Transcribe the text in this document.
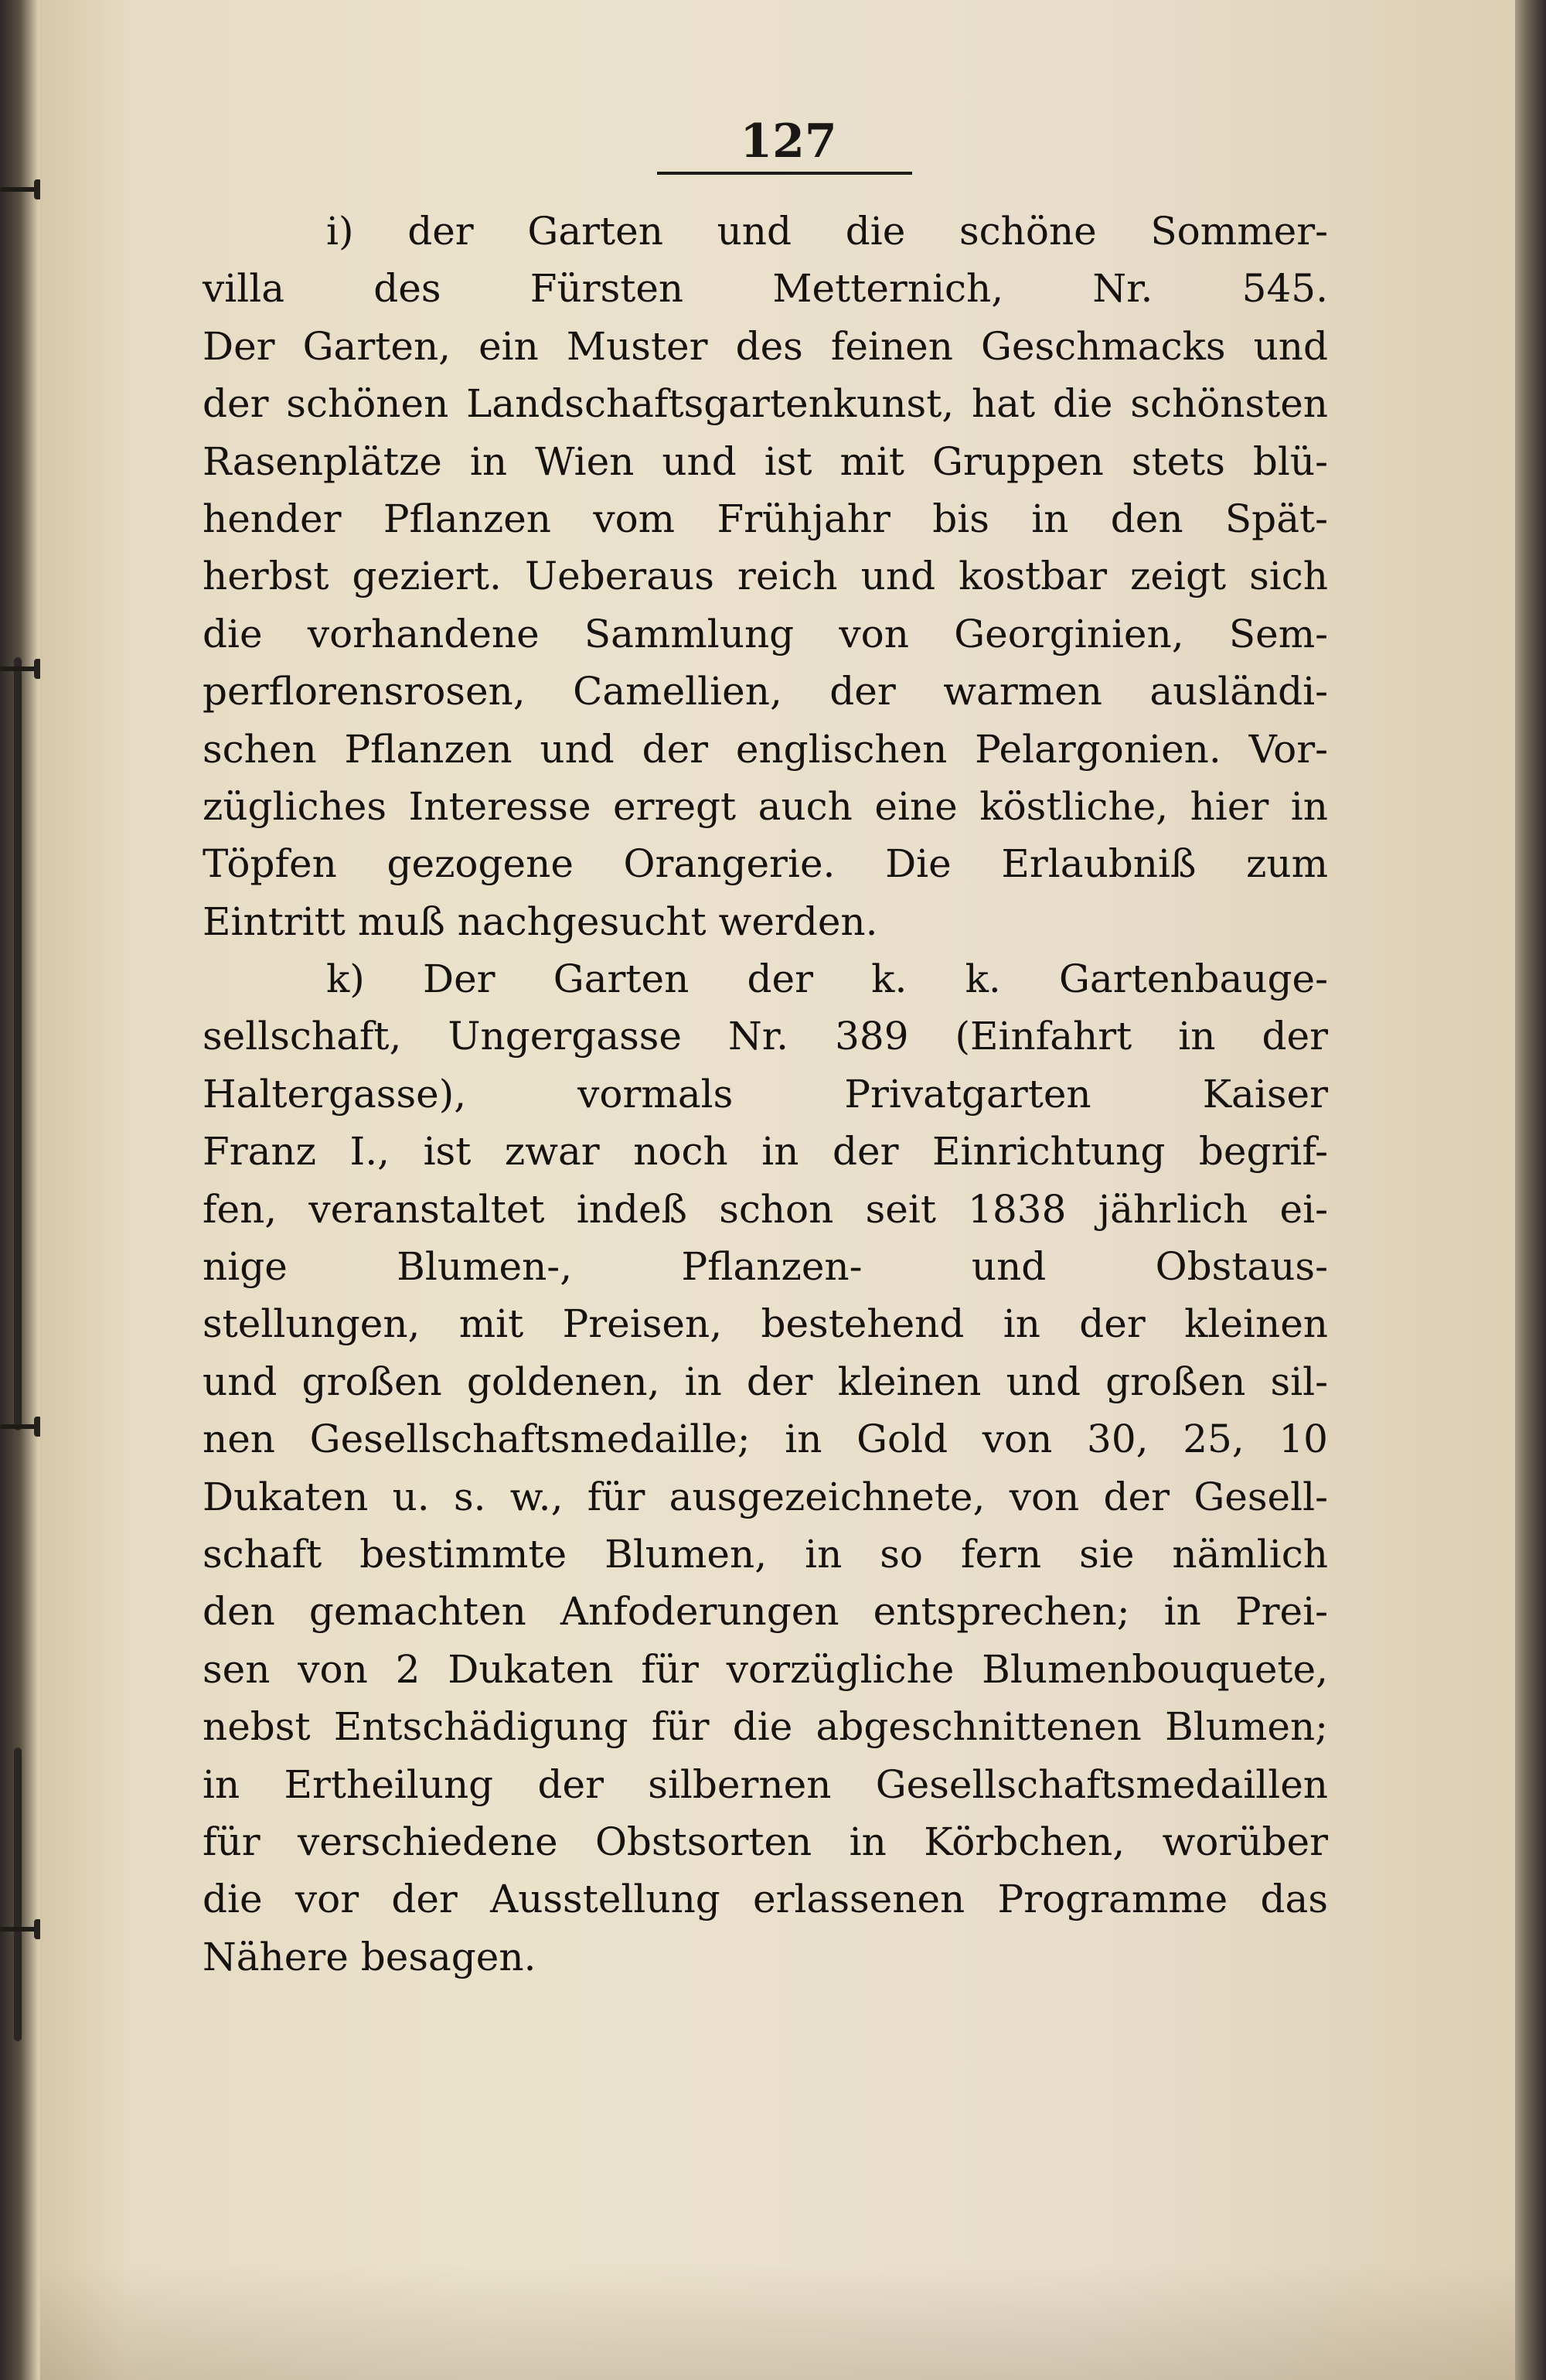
127
i) der Garten und die schöne Sommer-
villa des Fürsten Metternich, Nr. 545.
Der Garten, ein Muster des feinen Geschmacks und
der schönen Landschaftsgartenkunst, hat die schönsten
Rasenplätze in Wien und ist mit Gruppen stets blü-
hender Pflanzen vom Frühjahr bis in den Spät-
herbst geziert. Ueberaus reich und kostbar zeigt sich
die vorhandene Sammlung von Georginien, Sem-
perflorensrosen, Camellien, der warmen ausländi-
schen Pflanzen und der englischen Pelargonien. Vor-
zügliches Interesse erregt auch eine köstliche, hier in
Töpfen gezogene Orangerie. Die Erlaubniß zum
Eintritt muß nachgesucht werden.
k) Der Garten der k. k. Gartenbauge-
sellschaft, Ungergasse Nr. 389 (Einfahrt in der
Haltergasse), vormals Privatgarten Kaiser
Franz I., ist zwar noch in der Einrichtung begrif-
fen, veranstaltet indeß schon seit 1838 jährlich ei-
nige Blumen-, Pflanzen- und Obstaus-
stellungen, mit Preisen, bestehend in der kleinen
und großen goldenen, in der kleinen und großen sil-
nen Gesellschaftsmedaille; in Gold von 30, 25, 10
Dukaten u. s. w., für ausgezeichnete, von der Gesell-
schaft bestimmte Blumen, in so fern sie nämlich
den gemachten Anfoderungen entsprechen; in Prei-
sen von 2 Dukaten für vorzügliche Blumenbouquete,
nebst Entschädigung für die abgeschnittenen Blumen;
in Ertheilung der silbernen Gesellschaftsmedaillen
für verschiedene Obstsorten in Körbchen, worüber
die vor der Ausstellung erlassenen Programme das
Nähere besagen.
